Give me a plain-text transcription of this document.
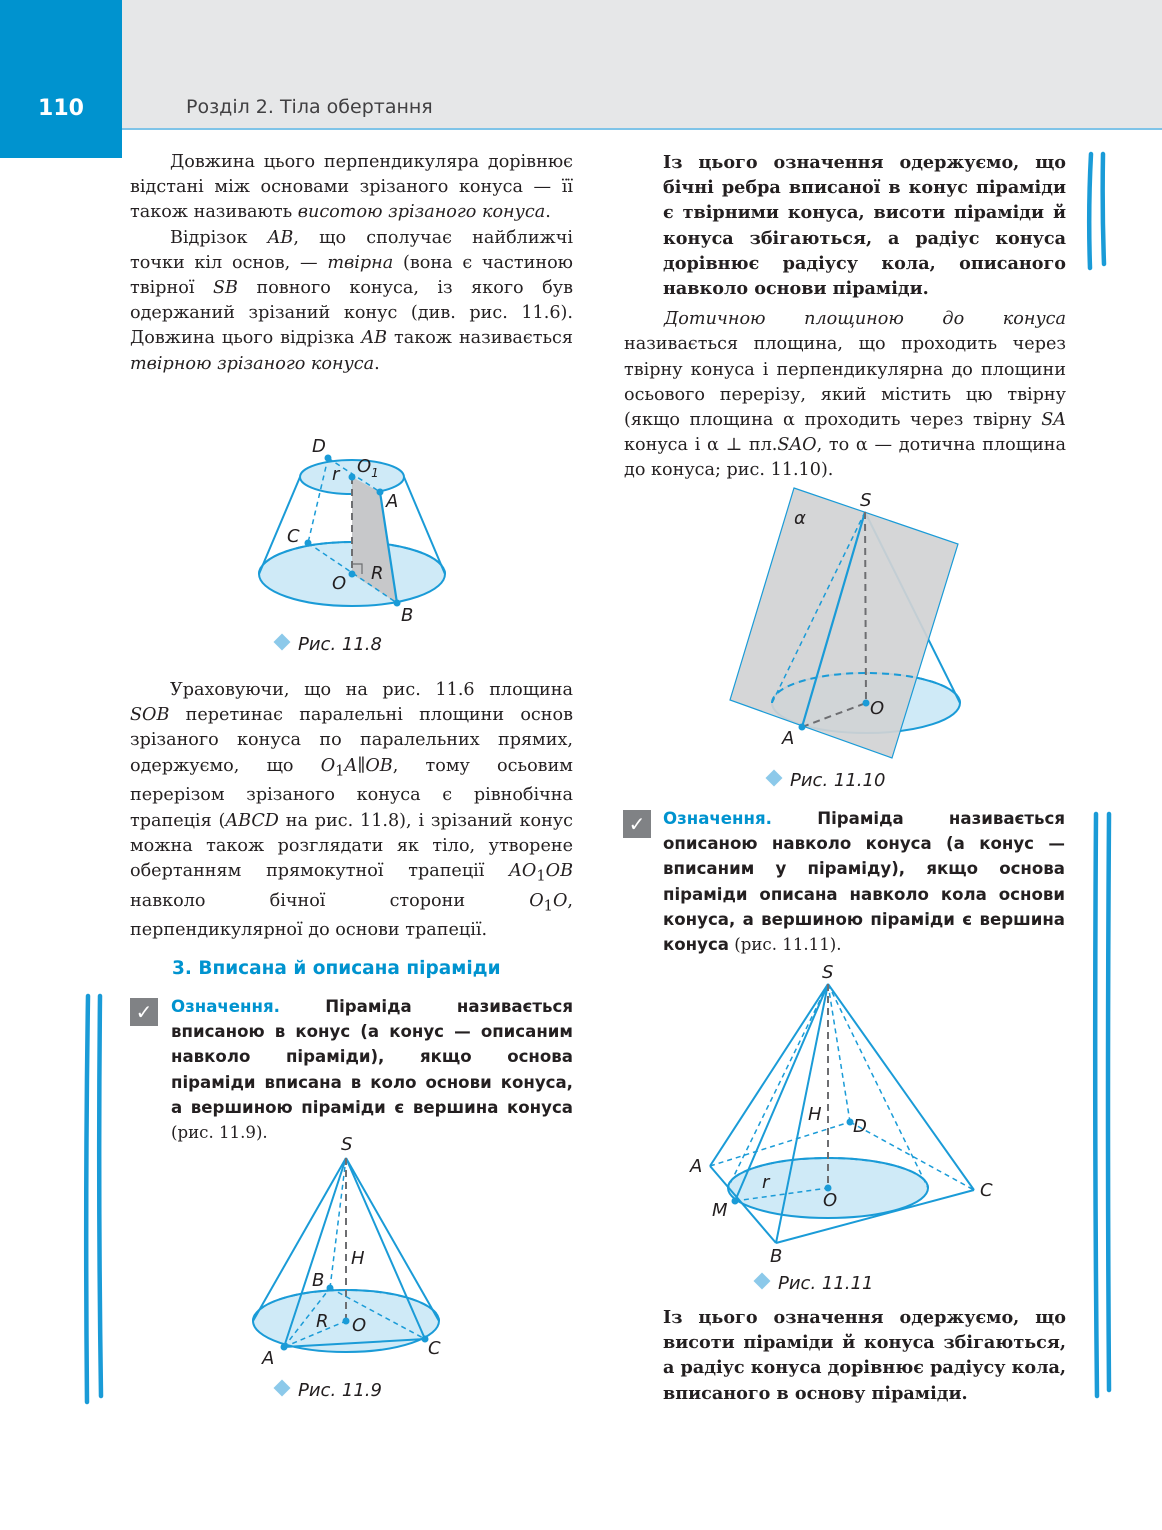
110	Розділ 2. Тіла обертання

Довжина цього перпендикуляра дорівнює відстані між основами зрізаного конуса — її також називають висотою зрізаного конуса.

Відрізок AB, що сполучає найближчі точки кіл основ, — твірна (вона є частиною твірної SB повного конуса, із якого був одержаний зрізаний конус (див. рис. 11.6). Довжина цього відрізка AB також називається твірною зрізаного конуса.

D
r $O_1$
A
C
R
O
B
Рис. 11.8

Ураховуючи, що на рис. 11.6 площина SOB перетинає паралельні площини основ зрізаного конуса по паралельних прямих, одержуємо, що $O_1A\parallel OB$, тому осьовим перерізом зрізаного конуса є рівнобічна трапеція (ABCD на рис. 11.8), і зрізаний конус можна також розглядати як тіло, утворене обертанням прямокутної трапеції $AO_1OB$ навколо бічної сторони $O_1O$, перпендикулярної до основи трапеції.

3. Вписана й описана піраміди
✓	Означення. Піраміда називається вписаною в конус (а конус — описаним навколо піраміди), якщо основа піраміди вписана в коло основи конуса, а вершиною піраміди є вершина конуса (рис. 11.9).
S
H
B
R O
A	C
Рис. 11.9

Із цього означення одержуємо, що бічні ребра вписаної в конус піраміди є твірними конуса, висоти піраміди й конуса збігаються, а радіус конуса дорівнює радіусу кола, описаного навколо основи піраміди.

Дотичною площиною до конуса називається площина, що проходить через твірну конуса і перпендикулярна до площини осьового перерізу, який містить цю твірну (якщо площина α проходить через твірну SA конуса і α ⊥ пл.SAO, то α — дотична площина до конуса; рис. 11.10).

α
S
O
A
Рис. 11.10
✓	Означення. Піраміда називається описаною навколо конуса (а конус — вписаним у піраміду), якщо основа піраміди описана навколо кола основи конуса, а вершиною піраміди є вершина конуса (рис. 11.11).
S
H
D
A
r
M	O	C
B
Рис. 11.11

Із цього означення одержуємо, що висоти піраміди й конуса збігаються, а радіус конуса дорівнює радіусу кола, вписаного в основу піраміди.
